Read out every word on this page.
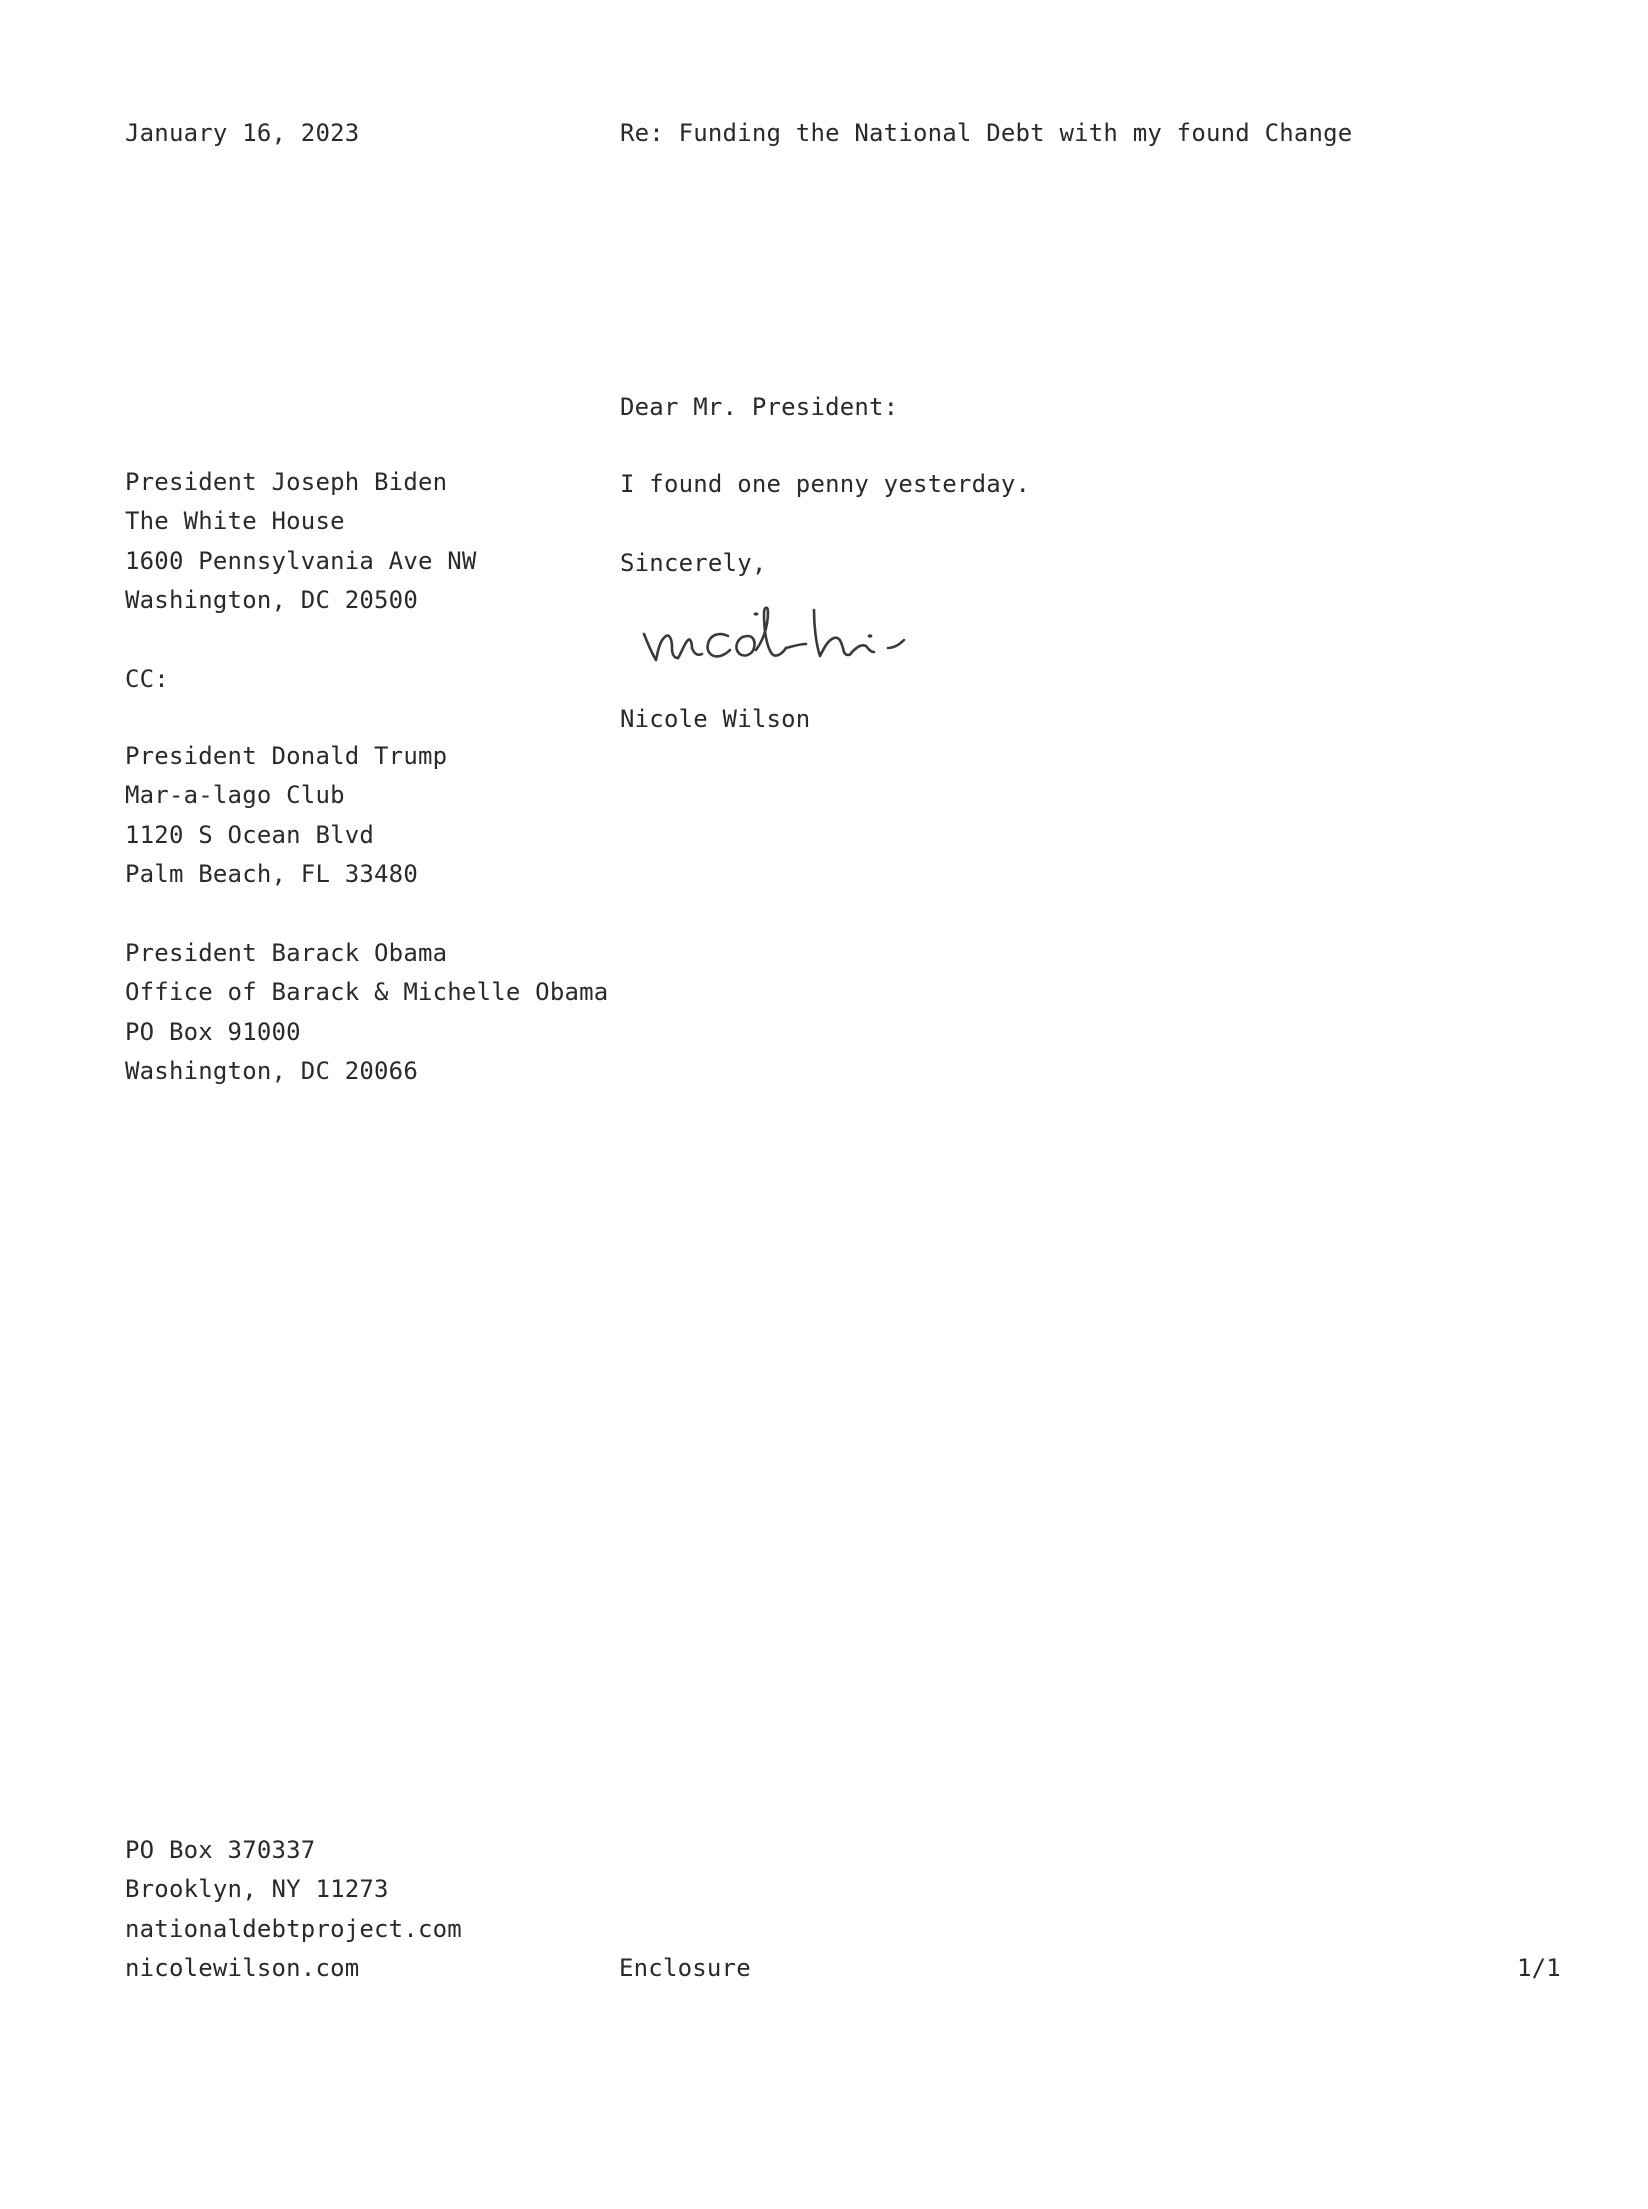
January 16, 2023	Re: Funding the National Debt with my found Change
President Joseph Biden
The White House
1600 Pennsylvania Ave NW
Washington, DC 20500
CC:
President Donald Trump
Mar-a-lago Club
1120 S Ocean Blvd
Palm Beach, FL 33480
President Barack Obama
Office of Barack & Michelle Obama
PO Box 91000
Washington, DC 20066
Dear Mr. President:
I found one penny yesterday.
Sincerely,
Nicole Wilson
PO Box 370337
Brooklyn, NY 11273
nationaldebtproject.com
nicolewilson.com	Enclosure	1/1
